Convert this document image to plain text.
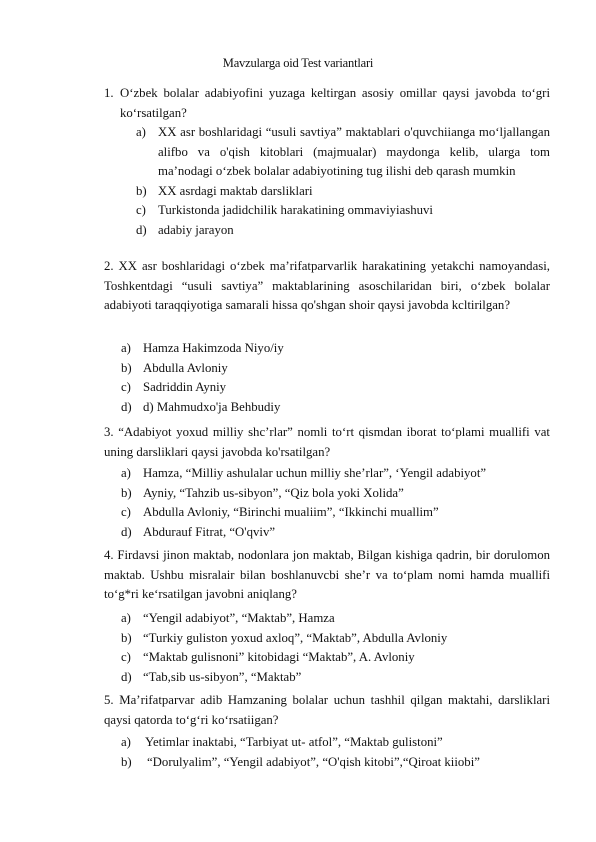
Mavzularga oid Test variantlari
1. O‘zbek bolalar adabiyofini yuzaga keltirgan asosiy omillar qaysi javobda to‘gri ko‘rsatilgan?
a) XX asr boshlaridagi “usuli savtiya” maktablari o'quvchiianga mo‘ljallangan alifbo va o'qish kitoblari (majmualar) maydonga kelib, ularga tom ma’nodagi o‘zbek bolalar adabiyotining tug ilishi deb qarash mumkin
b) XX asrdagi maktab darsliklari
c) Turkistonda jadidchilik harakatining ommaviyiashuvi
d) adabiy jarayon
2. XX asr boshlaridagi o‘zbek ma’rifatparvarlik harakatining yetakchi namoyandasi, Toshkentdagi “usuli savtiya” maktablarining asoschilaridan biri, o‘zbek bolalar adabiyoti taraqqiyotiga samarali hissa qo'shgan shoir qaysi javobda kcltirilgan?
a) Hamza Hakimzoda Niyo/iy
b) Abdulla Avloniy
c) Sadriddin Ayniy
d) d) Mahmudxo'ja Behbudiy
3. “Adabiyot yoxud milliy shc’rlar” nomli to‘rt qismdan iborat to‘plami muallifi vat uning darsliklari qaysi javobda ko'rsatilgan?
a) Hamza, “Milliy ashulalar uchun milliy she’rlar”, ‘Yengil adabiyot”
b) Ayniy, “Tahzib us-sibyon”, “Qiz bola yoki Xolida”
c) Abdulla Avloniy, “Birinchi mualiim”, “Ikkinchi muallim”
d) Abdurauf Fitrat, “O'qviv”
4. Firdavsi jinon maktab, nodonlara jon maktab, Bilgan kishiga qadrin, bir dorulomon maktab. Ushbu misralair bilan boshlanuvcbi she’r va to‘plam nomi hamda muallifi to‘g*ri ke‘rsatilgan javobni aniqlang?
a) “Yengil adabiyot”, “Maktab”, Hamza
b) “Turkiy guliston yoxud axloq”, “Maktab”, Abdulla Avloniy
c) “Maktab gulisnoni” kitobidagi “Maktab”, A. Avloniy
d) “Tab,sib us-sibyon”, “Maktab”
5. Ma’rifatparvar adib Hamzaning bolalar uchun tashhil qilgan maktahi, darsliklari qaysi qatorda to‘g‘ri ko‘rsatiigan?
a) Yetimlar inaktabi, “Tarbiyat ut- atfol”, “Maktab gulistoni”
b) “Dorulyalim”, “Yengil adabiyot”, “O'qish kitobi”,“Qiroat kiiobi”
